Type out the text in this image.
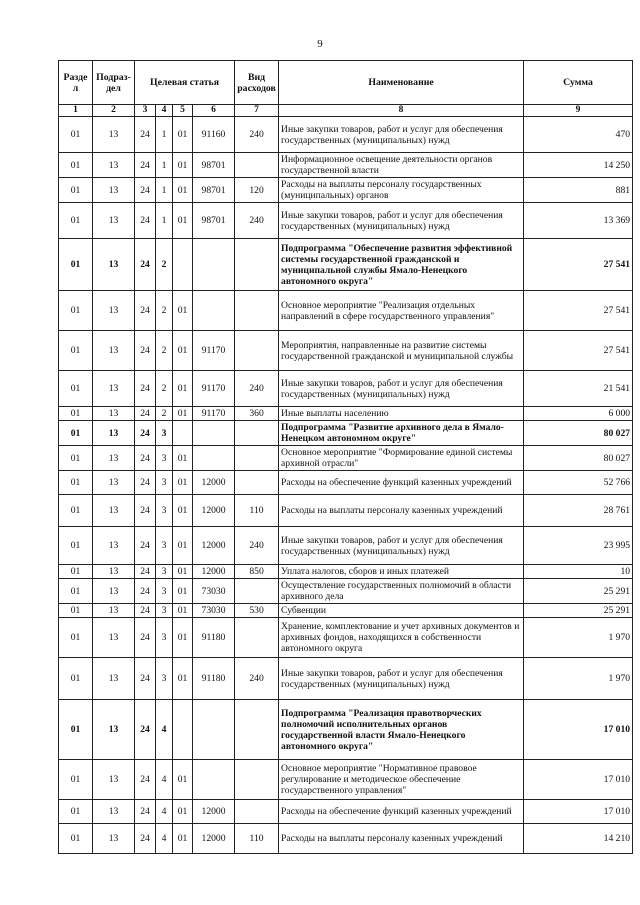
9
Разде л	Подраз- дел	Целевая статья				Вид расходов	Наименование	Сумма
1	2	3	4	5	6	7	8	9
01	13	24	1	01	91160	240	Иные закупки товаров, работ и услуг для обеспечения государственных (муниципальных) нужд	470
01	13	24	1	01	98701		Информационное освещение деятельности органов государственной власти	14 250
01	13	24	1	01	98701	120	Расходы на выплаты персоналу государственных (муниципальных) органов	881
01	13	24	1	01	98701	240	Иные закупки товаров, работ и услуг для обеспечения государственных (муниципальных) нужд	13 369
01	13	24	2				Подпрограмма "Обеспечение развития эффективной системы государственной гражданской и муниципальной службы Ямало-Ненецкого автономного округа"	27 541
01	13	24	2	01			Основное мероприятие "Реализация отдельных направлений в сфере государственного управления"	27 541
01	13	24	2	01	91170		Мероприятия, направленные на развитие системы государственной гражданской и муниципальной службы	27 541
01	13	24	2	01	91170	240	Иные закупки товаров, работ и услуг для обеспечения государственных (муниципальных) нужд	21 541
01	13	24	2	01	91170	360	Иные выплаты населению	6 000
01	13	24	3				Подпрограмма "Развитие архивного дела в Ямало-Ненецком автономном округе"	80 027
01	13	24	3	01			Основное мероприятие "Формирование единой системы архивной отрасли"	80 027
01	13	24	3	01	12000		Расходы на обеспечение функций казенных учреждений	52 766
01	13	24	3	01	12000	110	Расходы на выплаты персоналу казенных учреждений	28 761
01	13	24	3	01	12000	240	Иные закупки товаров, работ и услуг для обеспечения государственных (муниципальных) нужд	23 995
01	13	24	3	01	12000	850	Уплата налогов, сборов и иных платежей	10
01	13	24	3	01	73030		Осуществление государственных полномочий в области архивного дела	25 291
01	13	24	3	01	73030	530	Субвенции	25 291
01	13	24	3	01	91180		Хранение, комплектование и учет архивных документов и архивных фондов, находящихся в собственности автономного округа	1 970
01	13	24	3	01	91180	240	Иные закупки товаров, работ и услуг для обеспечения государственных (муниципальных) нужд	1 970
01	13	24	4				Подпрограмма "Реализация правотворческих полномочий исполнительных органов государственной власти Ямало-Ненецкого автономного округа"	17 010
01	13	24	4	01			Основное мероприятие "Нормативное правовое регулирование и методическое обеспечение государственного управления"	17 010
01	13	24	4	01	12000		Расходы на обеспечение функций казенных учреждений	17 010
01	13	24	4	01	12000	110	Расходы на выплаты персоналу казенных учреждений	14 210
